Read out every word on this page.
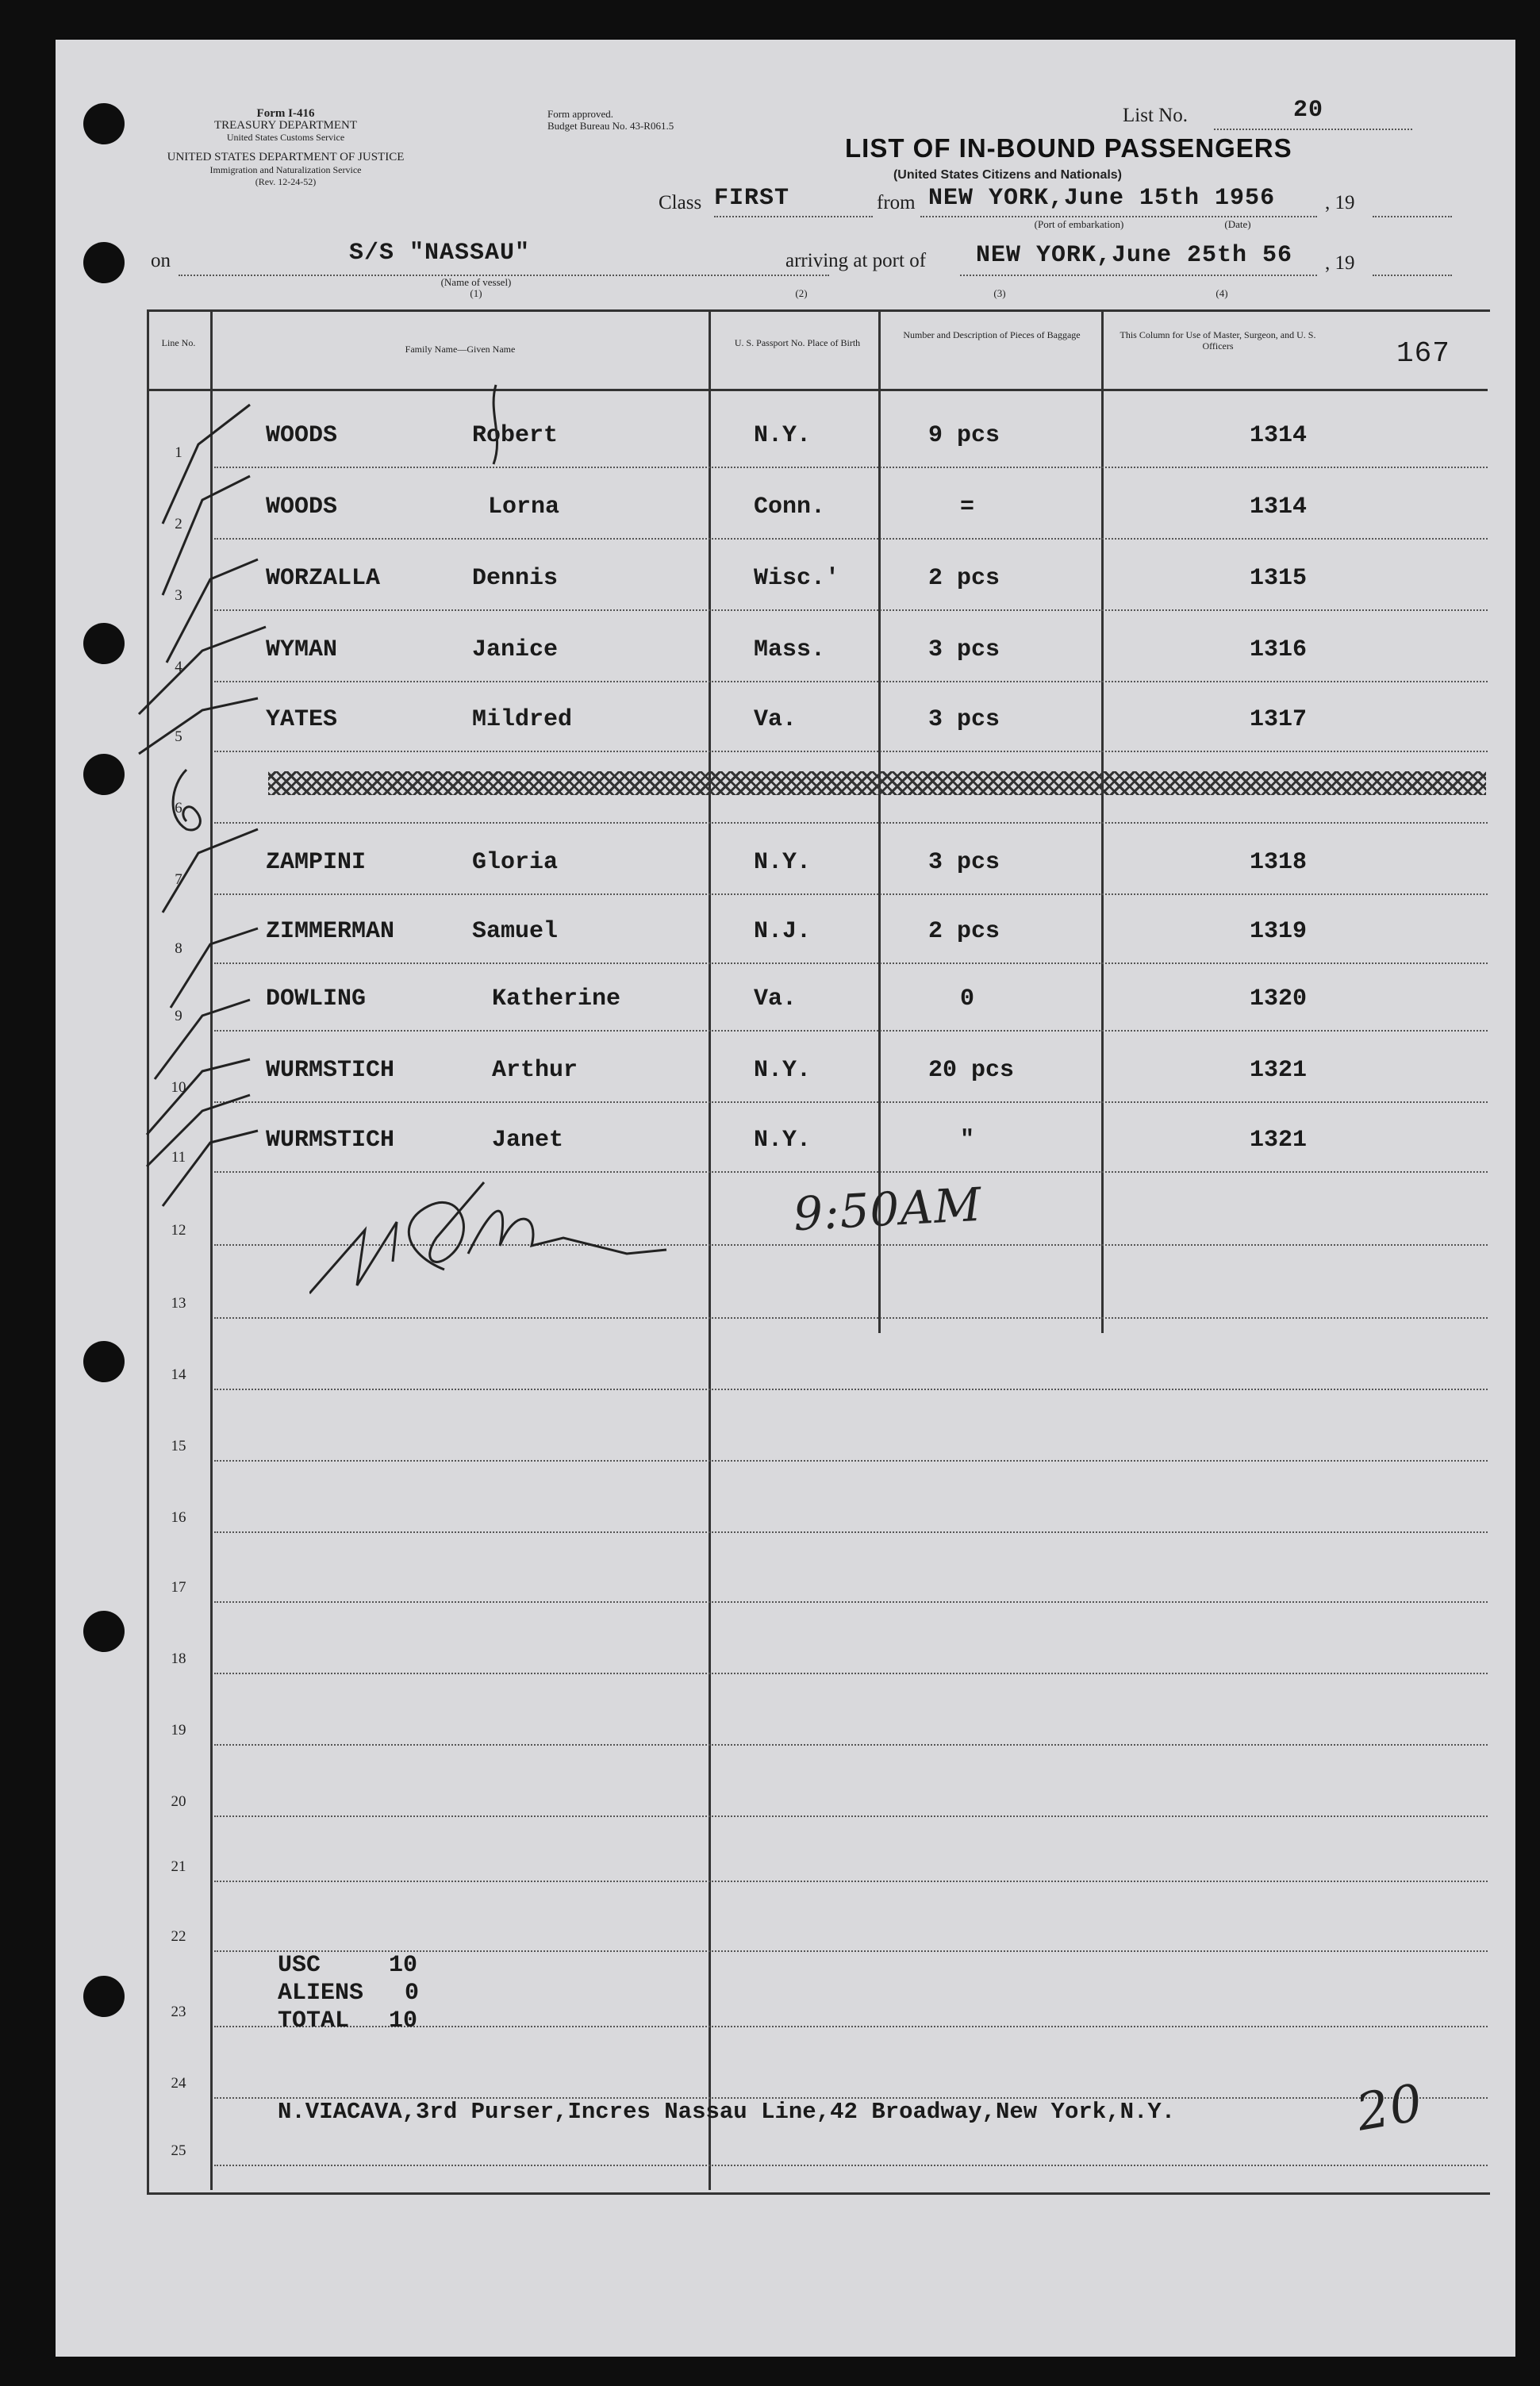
Form I-416
TREASURY DEPARTMENT
United States Customs Service
UNITED STATES DEPARTMENT OF JUSTICE
Immigration and Naturalization Service
(Rev. 12-24-52)
Form approved.
Budget Bureau No. 43-R061.5	List No.	20
LIST OF IN-BOUND PASSENGERS
(United States Citizens and Nationals)
Class FIRST	from NEW YORK,June 15th 1956	, 19
(Port of embarkation)	(Date)
on	S/S "NASSAU"
(Name of vessel)
(1)
arriving at port of NEW YORK,June 25th 56 , 19
(2)	(3)	(4)
167
Line No.
Family Name—Given Name
U. S. Passport No. Place of Birth
Number and Description of Pieces of Baggage	This Column for Use of Master, Surgeon, and U. S. Officers
1
WOODS	Robert	N.Y.	9 pcs	1314
2
WOODS	Lorna	Conn.	=	1314
3
WORZALLA	Dennis	Wisc.'	2 pcs	1315
4
WYMAN	Janice	Mass.	3 pcs	1316
5
YATES	Mildred	Va.	3 pcs	1317
6
7
ZAMPINI	Gloria	N.Y.	3 pcs	1318
8
ZIMMERMAN	Samuel	N.J.	2 pcs	1319
9
DOWLING	Katherine	Va.	0	1320
10
WURMSTICH	Arthur	N.Y.	20 pcs	1321
11
WURMSTICH	Janet	N.Y.	"	1321
12
13
14
15
16
17
18
19
20
21
22
23
24
25
9:50AM
USC	10
ALIENS 0
TOTAL 10
N.VIACAVA,3rd Purser,Incres Nassau Line,42 Broadway,New York,N.Y.	20
